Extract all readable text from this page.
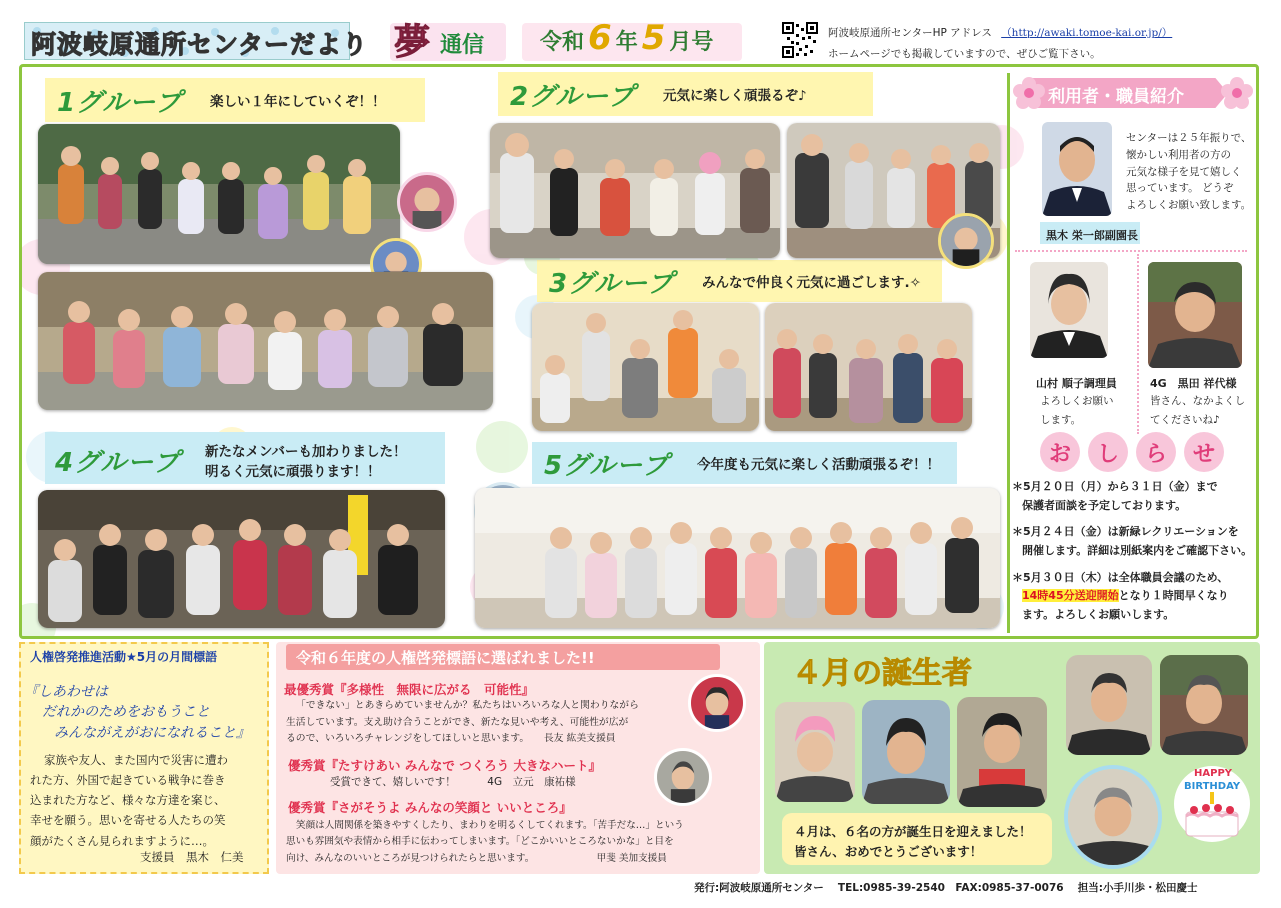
阿波岐原通所センターだより 夢 通信	令和 6 年 5 月号	阿波岐原通所センターHP アドレス （http://awaki.tomoe-kai.or.jp/）
ホームページでも掲載していますので、ぜひご覧下さい。
1グループ 楽しい１年にしていくぞ！！	2グループ 元気に楽しく頑張るぞ♪
3グループ みんなで仲良く元気に過ごします.✧
4グループ 新たなメンバーも加わりました！
明るく元気に頑張ります！！	5グループ 今年度も元気に楽しく活動頑張るぞ！！
利用者・職員紹介
センターは２５年振りで、
懐かしい利用者の方の
元気な様子を見て嬉しく
思っています。 どうぞ
よろしくお願い致します。
黒木 栄一郎副園長
山村 順子調理員	4G　黒田 祥代様
よろしくお願い
します。
皆さん、なかよくし
てくださいね♪
お	し	ら	せ
＊5月２０日（月）から３１日（金）まで
保護者面談を予定しております。
＊5月２４日（金）は新緑レクリエーションを
開催します。詳細は別紙案内をご確認下さい。
＊5月３０日（木）は全体職員会議のため、
14時45分送迎開始となり１時間早くなり
ます。よろしくお願いします。
人権啓発推進活動★5月の月間標語
『しあわせは
だれかのためをおもうこと
みんながえがおになれること』
家族や友人、また国内で災害に遭わ
れた方、外国で起きている戦争に巻き
込まれた方など、様々な方達を案じ、
幸せを願う。思いを寄せる人たちの笑
顔がたくさん見られますように…。
支援員　黒木　仁美
令和６年度の人権啓発標語に選ばれました!!
最優秀賞『多様性　無限に広がる　可能性』
「できない」とあきらめていませんか？私たちはいろいろな人と関わりながら
生活しています。支え助け合うことができ、新たな見いや考え、可能性が広が
るので、いろいろチャレンジをしてほしいと思います。　　長友 紘美支援員
優秀賞『たすけあい みんなで つくろう 大きなハート』
受賞できて、嬉しいです！　　　4G　立元　康祐様
優秀賞『さがそうよ みんなの笑顔と いいところ』
笑顔は人間関係を築きやすくしたり、まわりを明るくしてくれます。「苦手だな…」という
思いも雰囲気や表情から相手に伝わってしまいます。「どこかいいところないかな」と目を
向け、みんなのいいところが見つけられたらと思います。　　　　　　　甲斐 美加支援員
４月の誕生者
HAPPY
BIRTHDAY
４月は、６名の方が誕生日を迎えました！
皆さん、おめでとうございます！
発行:阿波岐原通所センター　 TEL:0985-39-2540　FAX:0985-37-0076　 担当:小手川歩・松田慶士
